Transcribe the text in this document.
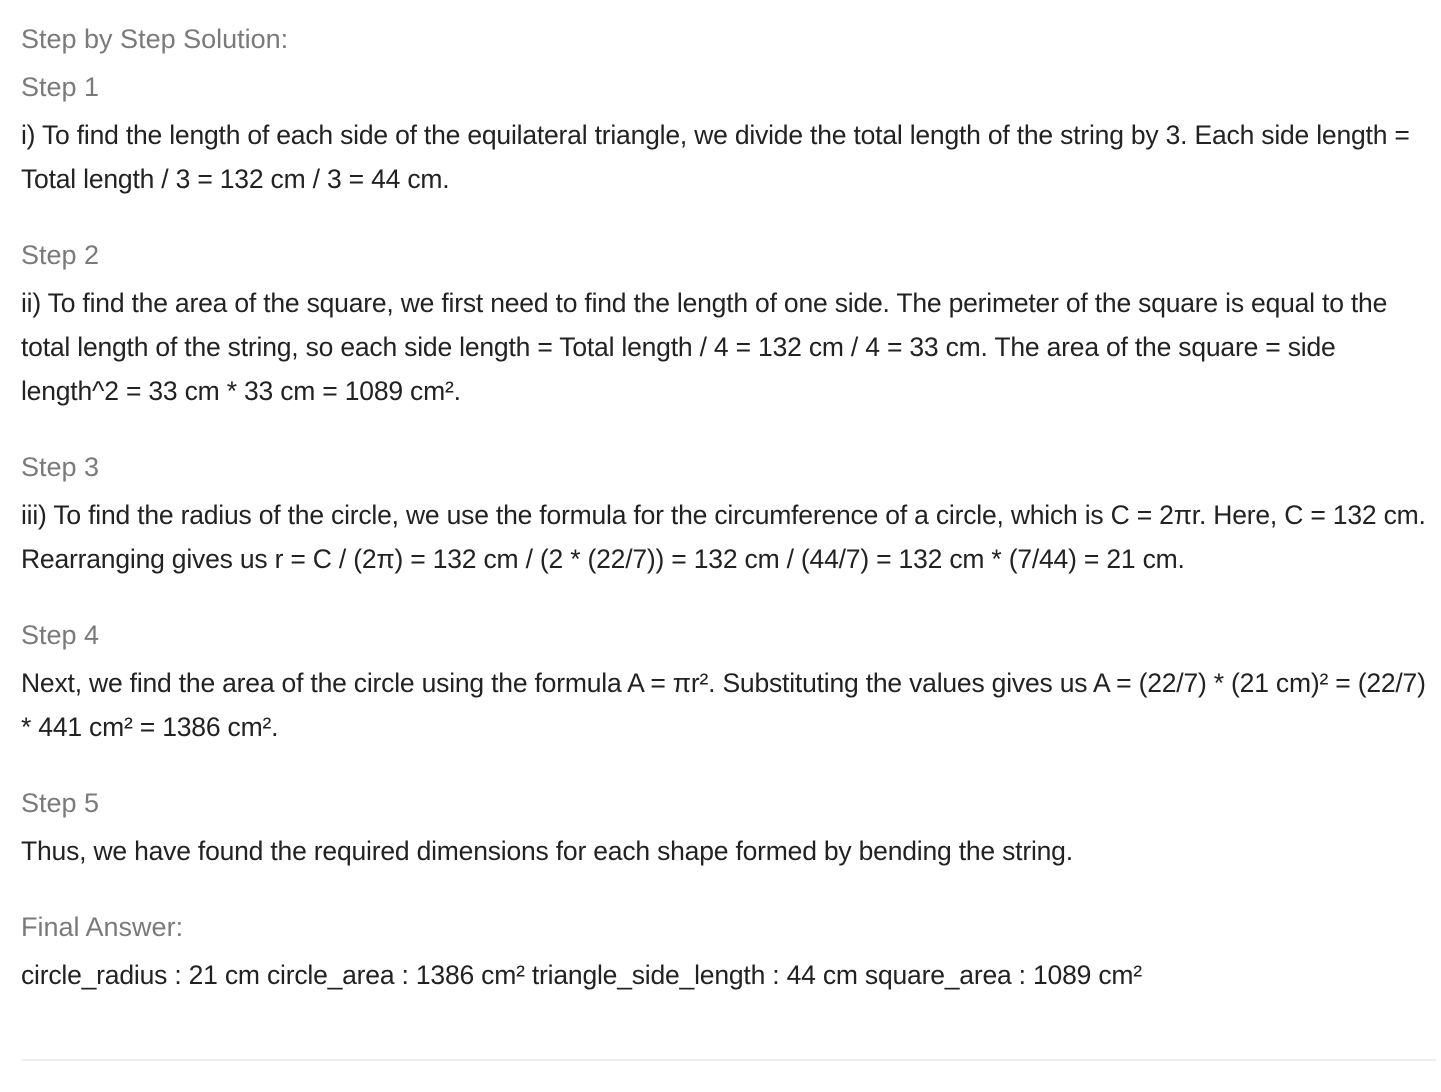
Step by Step Solution:
Step 1
i) To find the length of each side of the equilateral triangle, we divide the total length of the string by 3. Each side length = Total length / 3 = 132 cm / 3 = 44 cm.
Step 2
ii) To find the area of the square, we first need to find the length of one side. The perimeter of the square is equal to the total length of the string, so each side length = Total length / 4 = 132 cm / 4 = 33 cm. The area of the square = side length^2 = 33 cm * 33 cm = 1089 cm².
Step 3
iii) To find the radius of the circle, we use the formula for the circumference of a circle, which is C = 2πr. Here, C = 132 cm. Rearranging gives us r = C / (2π) = 132 cm / (2 * (22/7)) = 132 cm / (44/7) = 132 cm * (7/44) = 21 cm.
Step 4
Next, we find the area of the circle using the formula A = πr². Substituting the values gives us A = (22/7) * (21 cm)² = (22/7) * 441 cm² = 1386 cm².
Step 5
Thus, we have found the required dimensions for each shape formed by bending the string.
Final Answer:
circle_radius : 21 cm circle_area : 1386 cm² triangle_side_length : 44 cm square_area : 1089 cm²
